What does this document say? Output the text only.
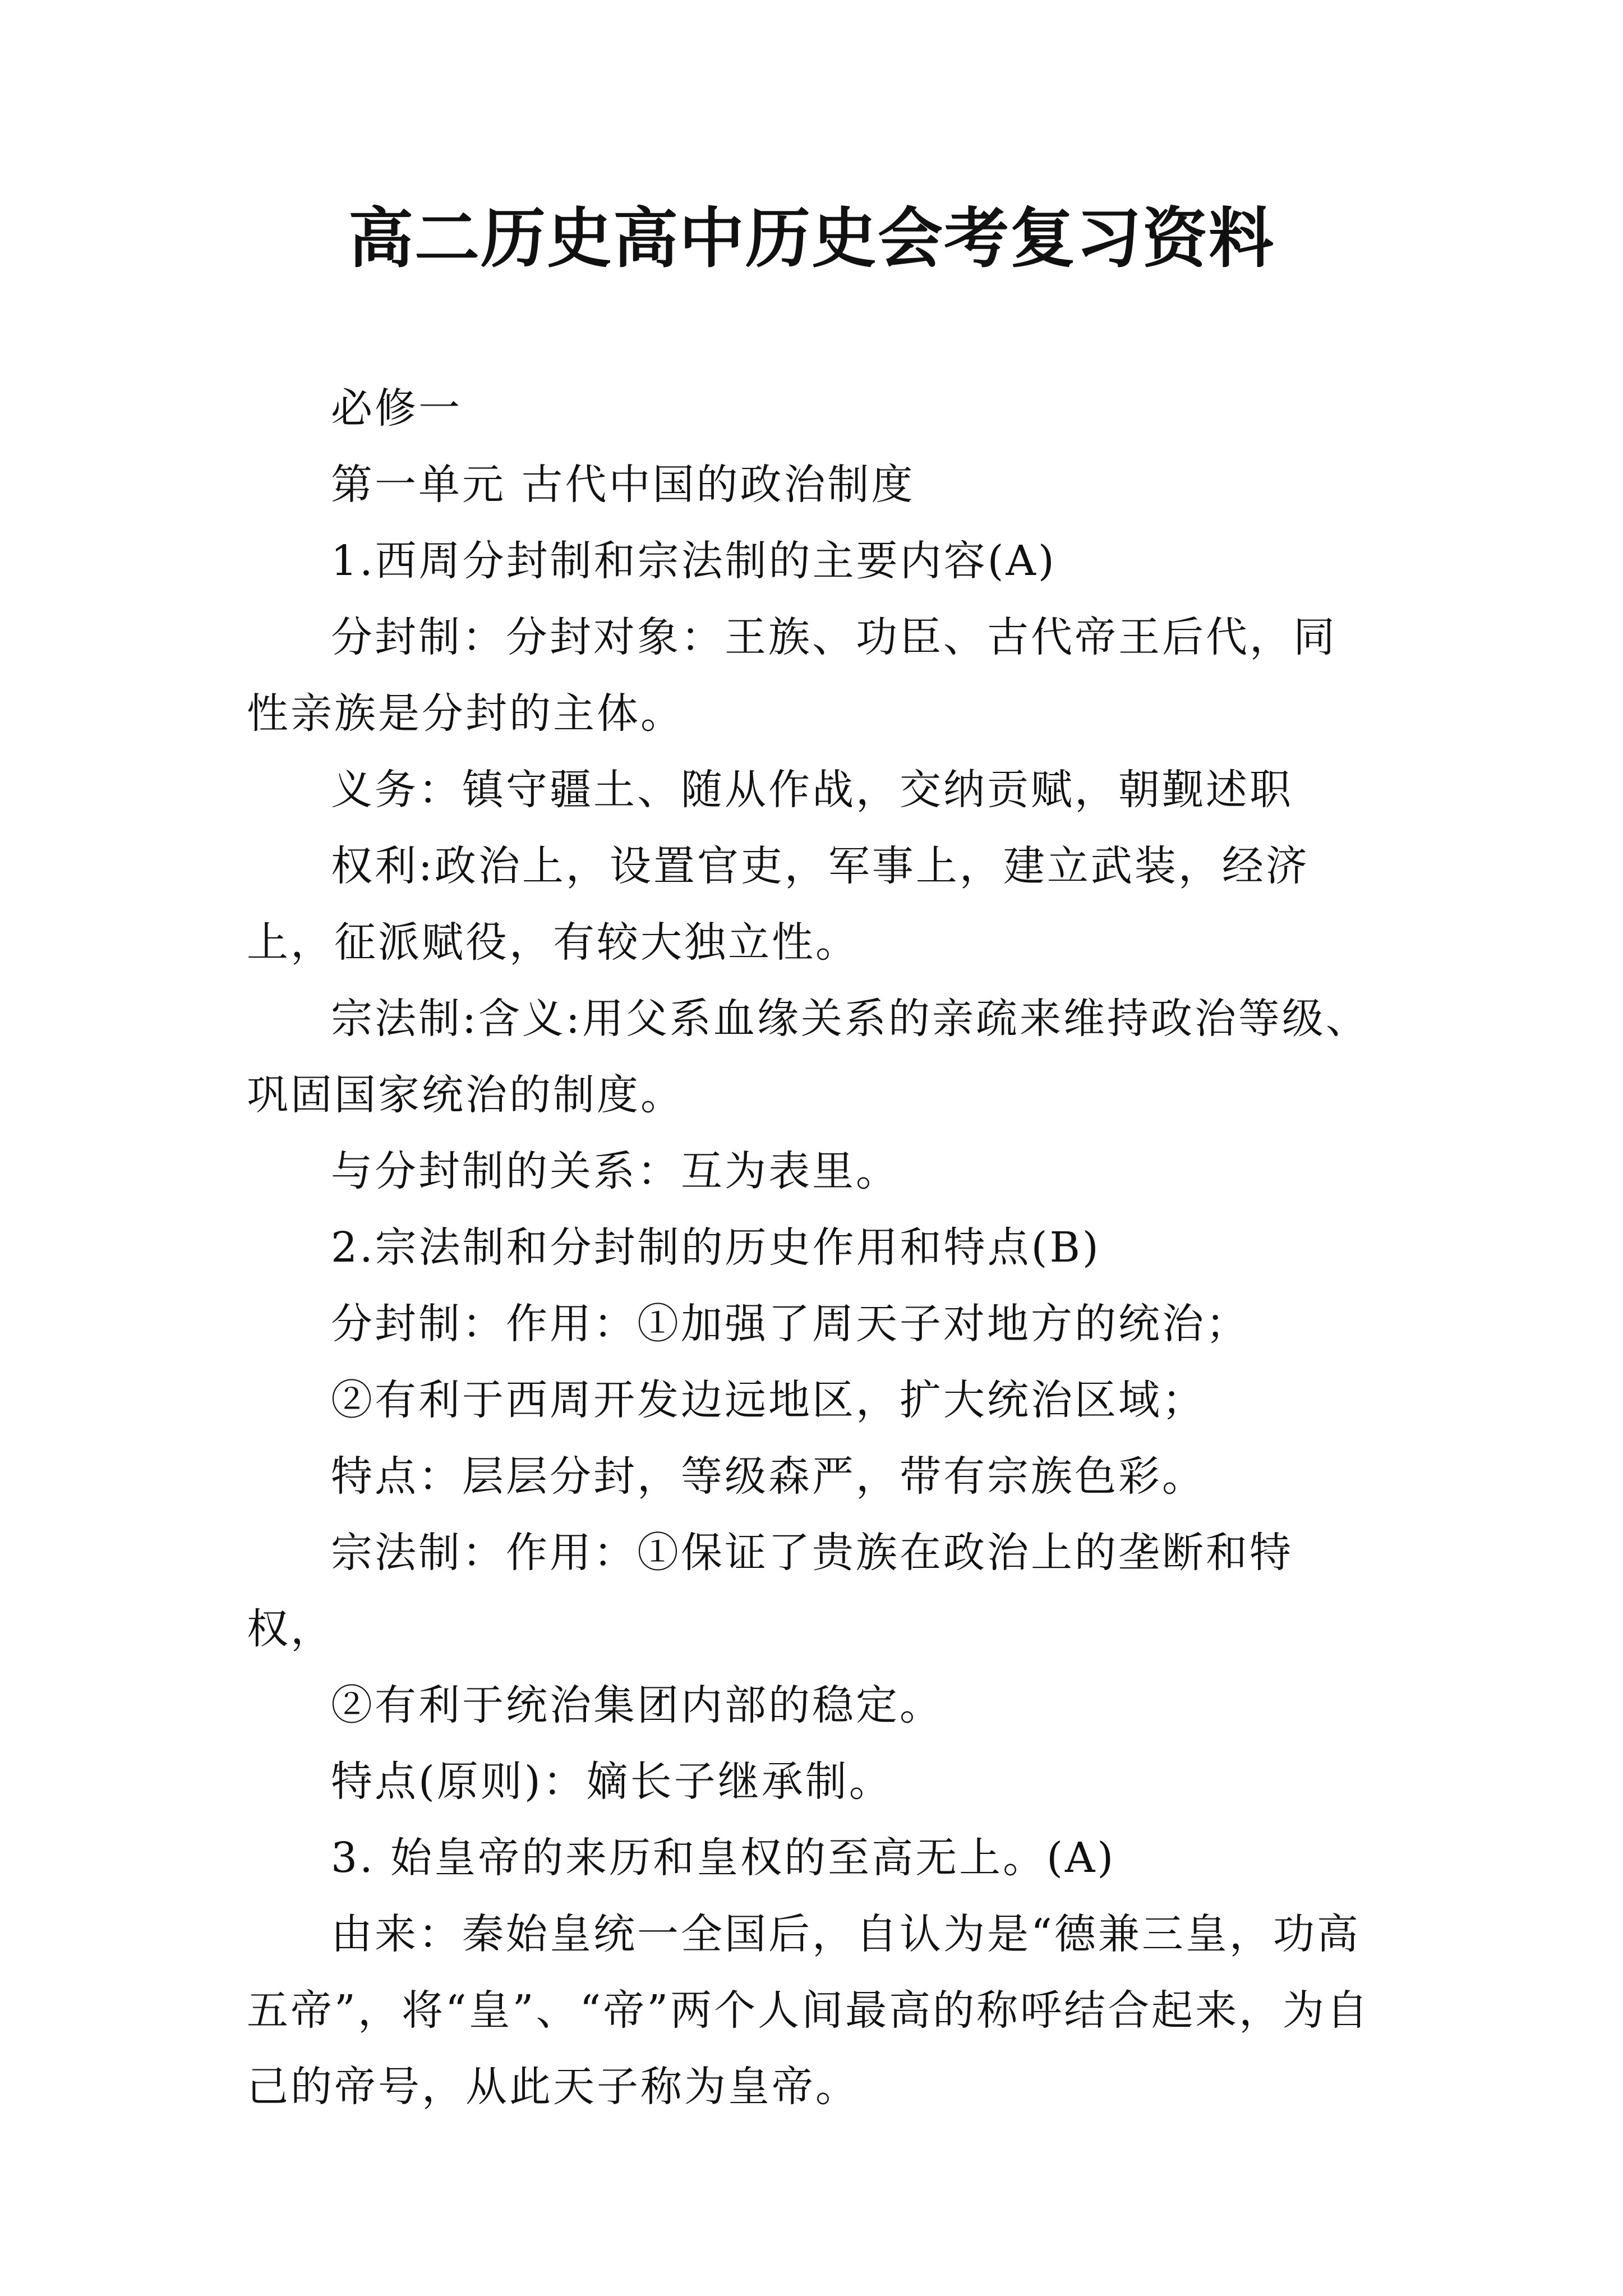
高二历史高中历史会考复习资料

必修一

第一单元 古代中国的政治制度

1.西周分封制和宗法制的主要内容(A)

分封制：分封对象：王族、功臣、古代帝王后代，同性亲族是分封的主体。

义务：镇守疆土、随从作战，交纳贡赋，朝觐述职

权利:政治上，设置官吏，军事上，建立武装，经济上，征派赋役，有较大独立性。

宗法制:含义:用父系血缘关系的亲疏来维持政治等级、巩固国家统治的制度。

与分封制的关系：互为表里。

2.宗法制和分封制的历史作用和特点(B)

分封制：作用：①加强了周天子对地方的统治；

②有利于西周开发边远地区，扩大统治区域；

特点：层层分封，等级森严，带有宗族色彩。

宗法制：作用：①保证了贵族在政治上的垄断和特权，

②有利于统治集团内部的稳定。

特点(原则)：嫡长子继承制。

3. 始皇帝的来历和皇权的至高无上。(A)

由来：秦始皇统一全国后，自认为是“德兼三皇，功高五帝”，将“皇”、“帝”两个人间最高的称呼结合起来，为自己的帝号，从此天子称为皇帝。
